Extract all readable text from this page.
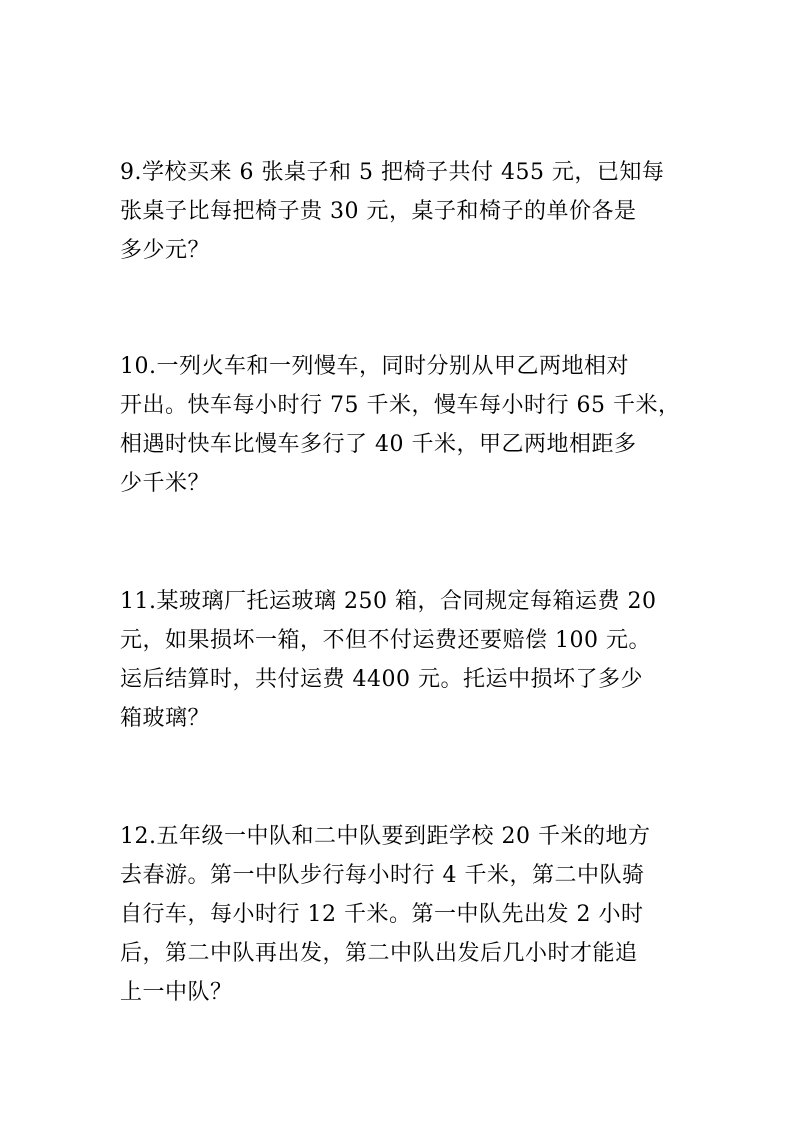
9.学校买来 6 张桌子和 5 把椅子共付 455 元，已知每
张桌子比每把椅子贵 30 元，桌子和椅子的单价各是
多少元？

10.一列火车和一列慢车，同时分别从甲乙两地相对
开出。快车每小时行 75 千米，慢车每小时行 65 千米，
相遇时快车比慢车多行了 40 千米，甲乙两地相距多
少千米？

11.某玻璃厂托运玻璃 250 箱，合同规定每箱运费 20
元，如果损坏一箱，不但不付运费还要赔偿 100 元。
运后结算时，共付运费 4400 元。托运中损坏了多少
箱玻璃？

12.五年级一中队和二中队要到距学校 20 千米的地方
去春游。第一中队步行每小时行 4 千米，第二中队骑
自行车，每小时行 12 千米。第一中队先出发 2 小时
后，第二中队再出发，第二中队出发后几小时才能追
上一中队？
